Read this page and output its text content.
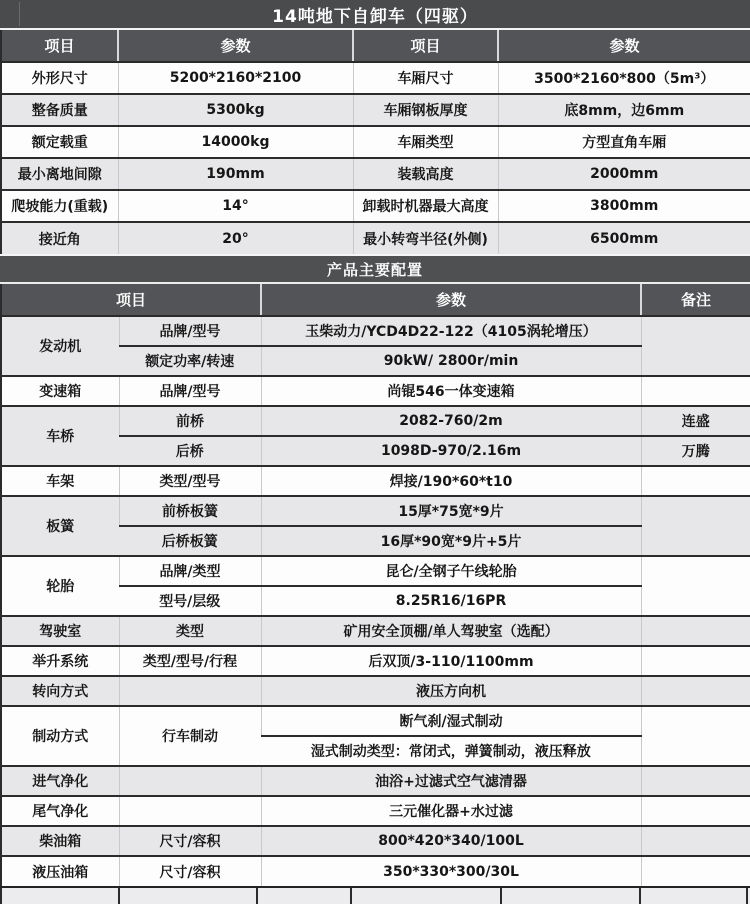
14吨地下自卸车（四驱）
项目	参数	项目	参数
外形尺寸	5200*2160*2100	车厢尺寸	3500*2160*800（5m³）
整备质量	5300kg	车厢钢板厚度	底8mm，边6mm
额定载重	14000kg	车厢类型	方型直角车厢
最小离地间隙	190mm	装载高度	2000mm
爬坡能力(重载)	14°	卸载时机器最大高度	3800mm
接近角	20°	最小转弯半径(外侧)	6500mm
产品主要配置
项目		参数	备注
发动机	品牌/型号	玉柴动力/YCD4D22-122（4105涡轮增压）	
	额定功率/转速	90kW/ 2800r/min	
变速箱	品牌/型号	尚锟546一体变速箱	
车桥	前桥	2082-760/2m	连盛
	后桥	1098D-970/2.16m	万腾
车架	类型/型号	焊接/190*60*t10	
板簧	前桥板簧	15厚*75宽*9片	
	后桥板簧	16厚*90宽*9片+5片	
轮胎	品牌/类型	昆仑/全钢子午线轮胎	
	型号/层级	8.25R16/16PR	
驾驶室	类型	矿用安全顶棚/单人驾驶室（选配）	
举升系统	类型/型号/行程	后双顶/3-110/1100mm	
转向方式		液压方向机	
制动方式	行车制动	断气刹/湿式制动	
		湿式制动类型：常闭式，弹簧制动，液压释放	
进气净化		油浴+过滤式空气滤清器	
尾气净化		三元催化器+水过滤	
柴油箱	尺寸/容积	800*420*340/100L	
液压油箱	尺寸/容积	350*330*300/30L	
